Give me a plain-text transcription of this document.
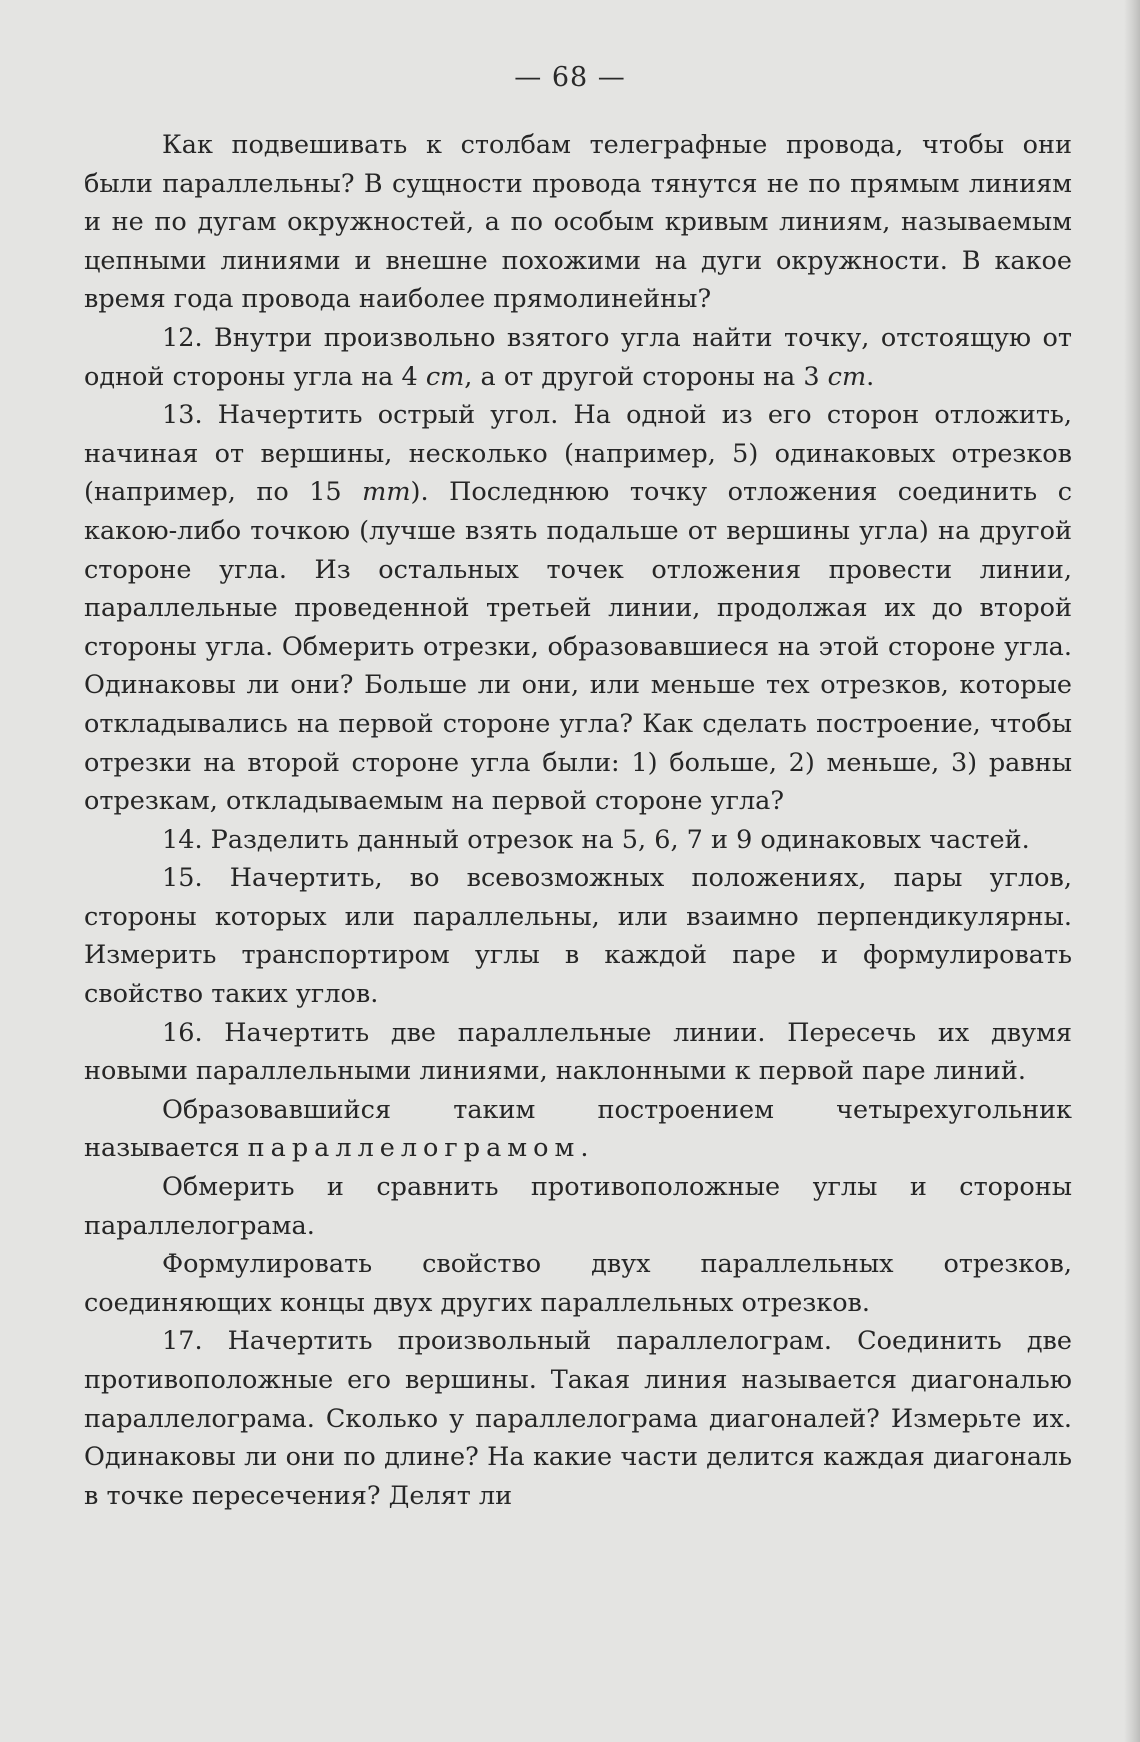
— 68 —

Как подвешивать к столбам телеграфные провода, чтобы они были параллельны? В сущности провода тянутся не по прямым линиям и не по дугам окружностей, а по особым кривым линиям, называемым цепными линиями и внешне похожими на дуги окружности. В какое время года провода наиболее прямолинейны?

12. Внутри произвольно взятого угла найти точку, отстоящую от одной стороны угла на 4 cm, а от другой стороны на 3 cm.

13. Начертить острый угол. На одной из его сторон отложить, начиная от вершины, несколько (например, 5) одинаковых отрезков (например, по 15 mm). Последнюю точку отложения соединить с какою-либо точкою (лучше взять подальше от вершины угла) на другой стороне угла. Из остальных точек отложения провести линии, параллельные проведенной третьей линии, продолжая их до второй стороны угла. Обмерить отрезки, образовавшиеся на этой стороне угла. Одинаковы ли они? Больше ли они, или меньше тех отрезков, которые откладывались на первой стороне угла? Как сделать построение, чтобы отрезки на второй стороне угла были: 1) больше, 2) меньше, 3) равны отрезкам, откладываемым на первой стороне угла?

14. Разделить данный отрезок на 5, 6, 7 и 9 одинаковых частей.

15. Начертить, во всевозможных положениях, пары углов, стороны которых или параллельны, или взаимно перпендикулярны. Измерить транспортиром углы в каждой паре и формулировать свойство таких углов.

16. Начертить две параллельные линии. Пересечь их двумя новыми параллельными линиями, наклонными к первой паре линий.

Образовавшийся таким построением четырехугольник называется параллелограмом.

Обмерить и сравнить противоположные углы и стороны параллелограма.

Формулировать свойство двух параллельных отрезков, соединяющих концы двух других параллельных отрезков.

17. Начертить произвольный параллелограм. Соединить две противоположные его вершины. Такая линия называется диагональю параллелограма. Сколько у параллелограма диагоналей? Измерьте их. Одинаковы ли они по длине? На какие части делится каждая диагональ в точке пересечения? Делят ли
